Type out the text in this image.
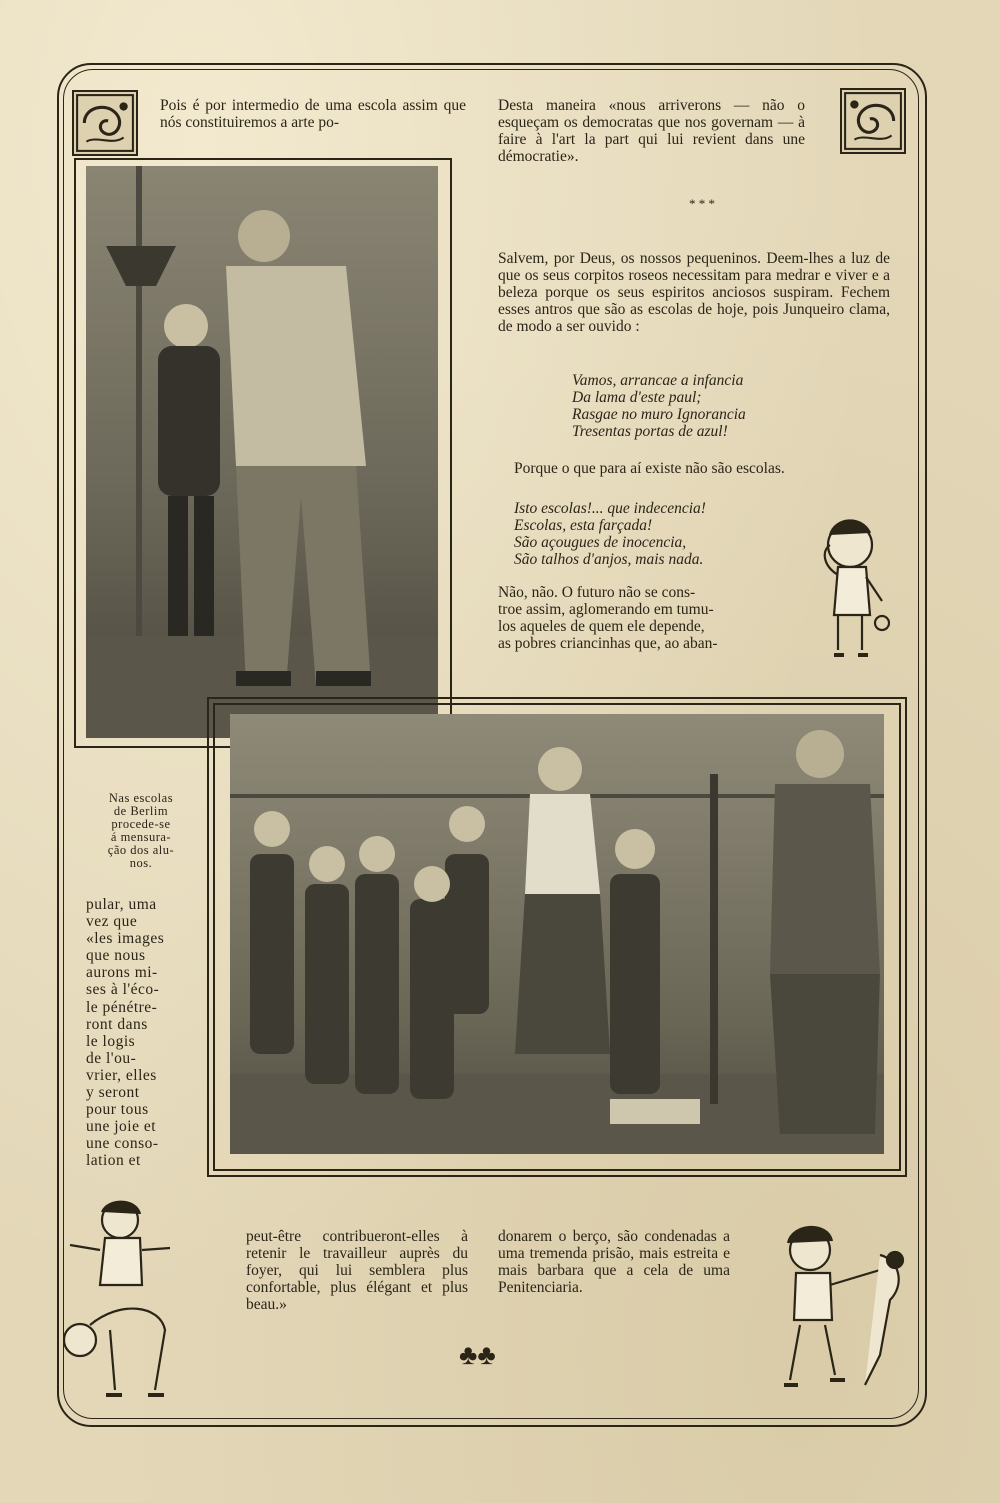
Pois é por intermedio de uma escola assim que nós constituiremos a arte po-
Desta maneira «nous arriverons — não o esqueçam os democratas que nos governam — à faire à l'art la part qui lui revient dans une démocratie».
* * *
Salvem, por Deus, os nossos pequeninos. Deem-lhes a luz de que os seus corpitos roseos necessitam para medrar e viver e a beleza porque os seus espiritos anciosos suspiram. Fechem esses antros que são as escolas de hoje, pois Junqueiro clama, de modo a ser ouvido :

Vamos, arrancae a infancia

Da lama d'este paul;

Rasgae no muro Ignorancia

Tresentas portas de azul!

Porque o que para aí existe não são escolas.

Isto escolas!... que indecencia!

Escolas, esta farçada!

São açougues de inocencia,

São talhos d'anjos, mais nada.

Não, não. O futuro não se cons-

troe assim, aglomerando em tumu-

los aqueles de quem ele depende,

as pobres criancinhas que, ao aban-

Nas escolas
de Berlim
procede-se
á mensura-
ção dos alu-
nos.
pular, uma
vez que
«les images
que nous
aurons mi-
ses à l'éco-
le pénétre-
ront dans
le logis
de l'ou-
vrier, elles
y seront
pour tous
une joie et
une conso-
lation et
peut-être contribueront-elles à retenir le travailleur auprès du foyer, qui lui semblera plus confortable, plus élégant et plus beau.»
donarem o berço, são condenadas a uma tremenda prisão, mais estreita e mais barbara que a cela de uma Penitenciaria.
♣♣
